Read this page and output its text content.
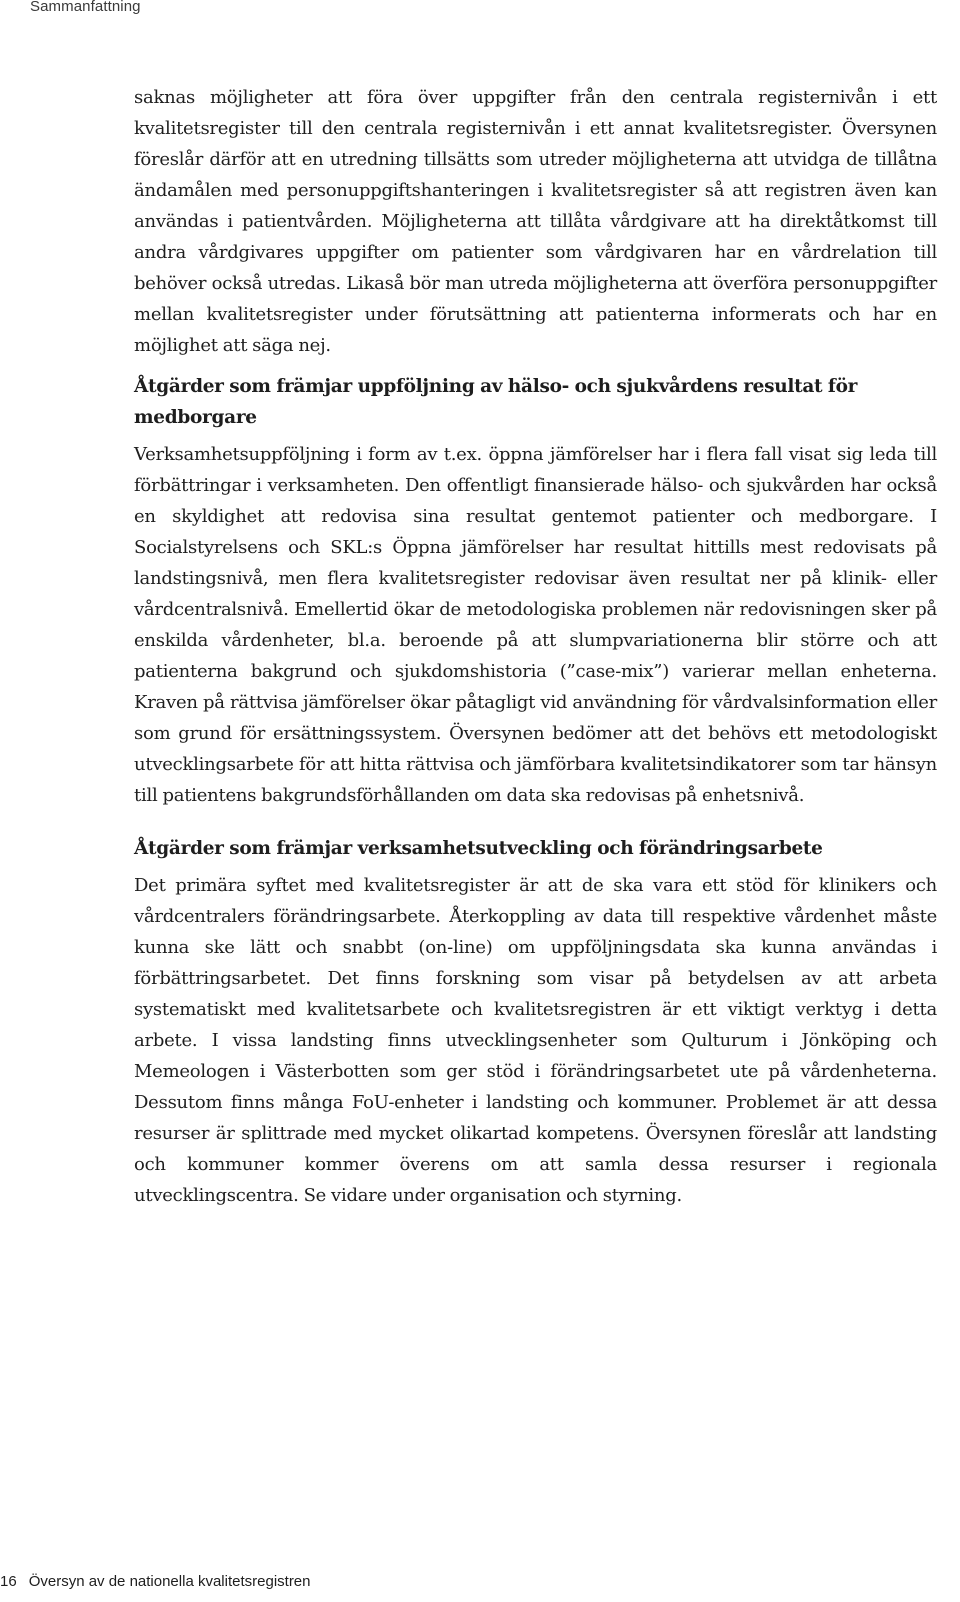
Sammanfattning

saknas möjligheter att föra över uppgifter från den centrala registernivån i ett kvalitetsregister till den centrala registernivån i ett annat kvalitetsregister. Översynen föreslår därför att en utredning tillsätts som utreder möjligheterna att utvidga de tillåtna ändamålen med personuppgiftshanteringen i kvalitetsregister så att registren även kan användas i patientvården. Möjligheterna att tillåta vårdgivare att ha direktåtkomst till andra vårdgivares uppgifter om patienter som vårdgivaren har en vårdrelation till behöver också utredas. Likaså bör man utreda möjligheterna att överföra personuppgifter mellan kvalitetsregister under förutsättning att patienterna informerats och har en möjlighet att säga nej.

Åtgärder som främjar uppföljning av hälso- och sjukvårdens resultat för medborgare

Verksamhetsuppföljning i form av t.ex. öppna jämförelser har i flera fall visat sig leda till förbättringar i verksamheten. Den offentligt finansierade hälso- och sjukvården har också en skyldighet att redovisa sina resultat gentemot patienter och medborgare. I Socialstyrelsens och SKL:s Öppna jämförelser har resultat hittills mest redovisats på landstingsnivå, men flera kvalitetsregister redovisar även resultat ner på klinik- eller vårdcentralsnivå. Emellertid ökar de metodologiska problemen när redovisningen sker på enskilda vårdenheter, bl.a. beroende på att slumpvariationerna blir större och att patienterna bakgrund och sjukdomshistoria (”case-mix”) varierar mellan enheterna. Kraven på rättvisa jämförelser ökar påtagligt vid användning för vårdvalsinformation eller som grund för ersättningssystem. Översynen bedömer att det behövs ett metodologiskt utvecklingsarbete för att hitta rättvisa och jämförbara kvalitetsindikatorer som tar hänsyn till patientens bakgrundsförhållanden om data ska redovisas på enhetsnivå.

Åtgärder som främjar verksamhetsutveckling och förändringsarbete

Det primära syftet med kvalitetsregister är att de ska vara ett stöd för klinikers och vårdcentralers förändringsarbete. Återkoppling av data till respektive vårdenhet måste kunna ske lätt och snabbt (on-line) om uppföljningsdata ska kunna användas i förbättringsarbetet. Det finns forskning som visar på betydelsen av att arbeta systematiskt med kvalitetsarbete och kvalitetsregistren är ett viktigt verktyg i detta arbete. I vissa landsting finns utvecklingsenheter som Qulturum i Jönköping och Memeologen i Västerbotten som ger stöd i förändringsarbetet ute på vårdenheterna. Dessutom finns många FoU-enheter i landsting och kommuner. Problemet är att dessa resurser är splittrade med mycket olikartad kompetens. Översynen föreslår att landsting och kommuner kommer överens om att samla dessa resurser i regionala utvecklingscentra. Se vidare under organisation och styrning.

16 Översyn av de nationella kvalitetsregistren
